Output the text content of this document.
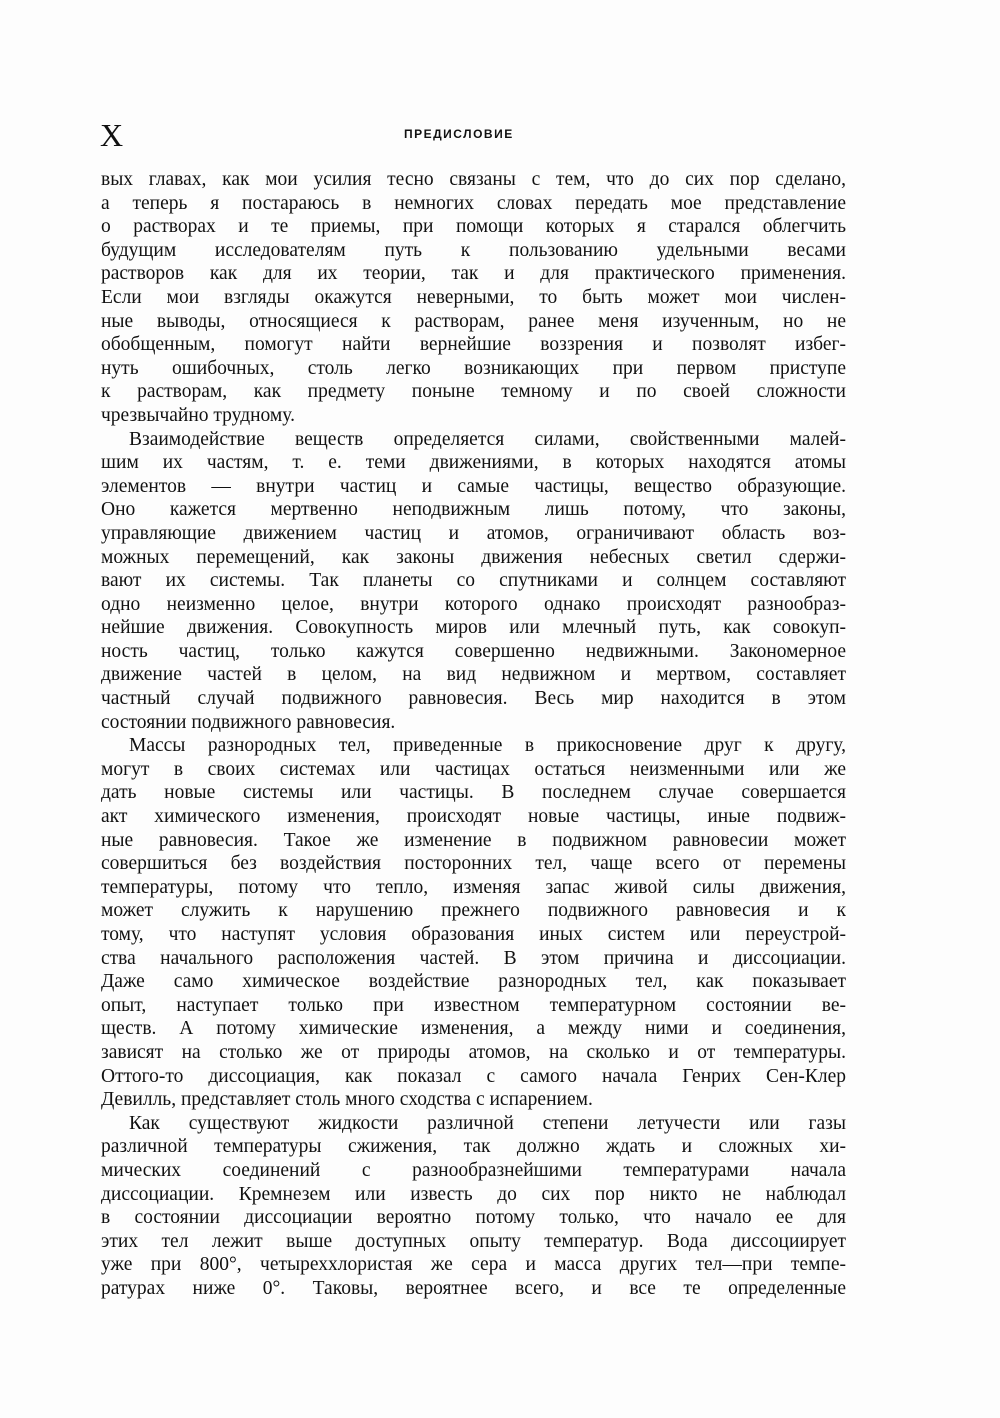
X	ПРЕДИСЛОВИЕ
вых главах, как мои усилия тесно связаны с тем, что до сих пор сделано,
а теперь я постараюсь в немногих словах передать мое представление
о растворах и те приемы, при помощи которых я старался облегчить
будущим исследователям путь к пользованию удельными весами
растворов как для их теории, так и для практического применения.
Если мои взгляды окажутся неверными, то быть может мои числен-
ные выводы, относящиеся к растворам, ранее меня изученным, но не
обобщенным, помогут найти вернейшие воззрения и позволят избег-
нуть ошибочных, столь легко возникающих при первом приступе
к растворам, как предмету поныне темному и по своей сложности
чрезвычайно трудному.
Взаимодействие веществ определяется силами, свойственными малей-
шим их частям, т. е. теми движениями, в которых находятся атомы
элементов — внутри частиц и самые частицы, вещество образующие.
Оно кажется мертвенно неподвижным лишь потому, что законы,
управляющие движением частиц и атомов, ограничивают область воз-
можных перемещений, как законы движения небесных светил сдержи-
вают их системы. Так планеты со спутниками и солнцем составляют
одно неизменно целое, внутри которого однако происходят разнообраз-
нейшие движения. Совокупность миров или млечный путь, как совокуп-
ность частиц, только кажутся совершенно недвижными. Закономерное
движение частей в целом, на вид недвижном и мертвом, составляет
частный случай подвижного равновесия. Весь мир находится в этом
состоянии подвижного равновесия.
Массы разнородных тел, приведенные в прикосновение друг к другу,
могут в своих системах или частицах остаться неизменными или же
дать новые системы или частицы. В последнем случае совершается
акт химического изменения, происходят новые частицы, иные подвиж-
ные равновесия. Такое же изменение в подвижном равновесии может
совершиться без воздействия посторонних тел, чаще всего от перемены
температуры, потому что тепло, изменяя запас живой силы движения,
может служить к нарушению прежнего подвижного равновесия и к
тому, что наступят условия образования иных систем или переустрой-
ства начального расположения частей. В этом причина и диссоциации.
Даже само химическое воздействие разнородных тел, как показывает
опыт, наступает только при известном температурном состоянии ве-
ществ. А потому химические изменения, а между ними и соединения,
зависят на столько же от природы атомов, на сколько и от температуры.
Оттого-то диссоциация, как показал с самого начала Генрих Сен-Клер
Девилль, представляет столь много сходства с испарением.
Как существуют жидкости различной степени летучести или газы
различной температуры сжижения, так должно ждать и сложных хи-
мических соединений с разнообразнейшими температурами начала
диссоциации. Кремнезем или известь до сих пор никто не наблюдал
в состоянии диссоциации вероятно потому только, что начало ее для
этих тел лежит выше доступных опыту температур. Вода диссоциирует
уже при 800°, четыреххлористая же сера и масса других тел—при темпе-
ратурах ниже 0°. Таковы, вероятнее всего, и все те определенные
